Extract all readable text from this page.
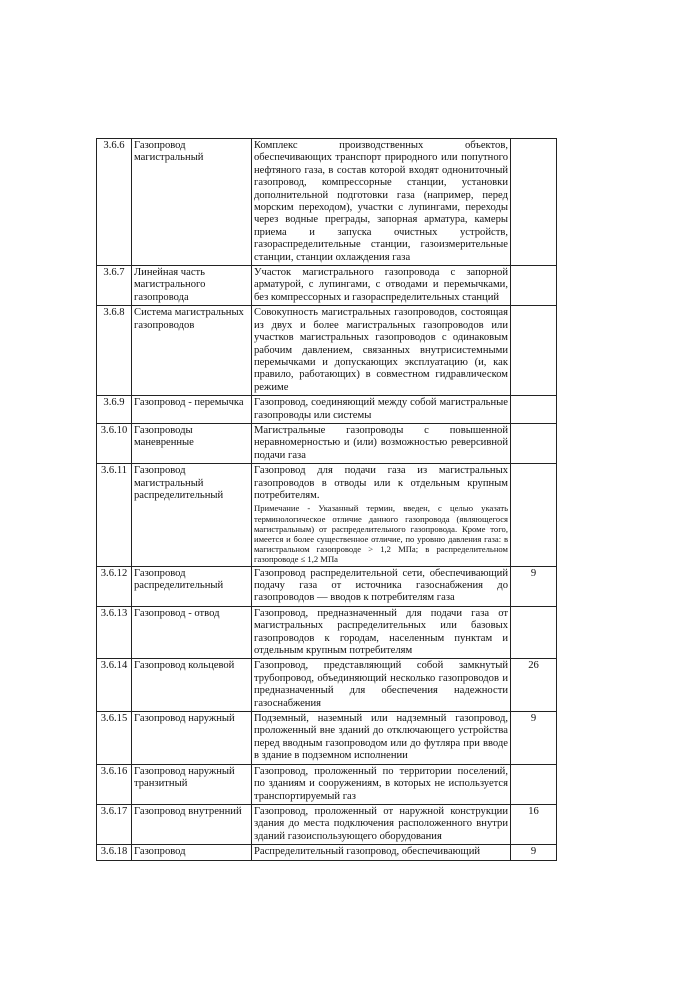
3.6.6	Газопровод магистральный	Комплекс производственных объектов, обеспечивающих транспорт природного или попутного нефтяного газа, в состав которой входят однониточный газопровод, компрессорные станции, установки дополнительной подготовки газа (например, перед морским переходом), участки с лупингами, переходы через водные преграды, запорная арматура, камеры приема и запуска очистных устройств, газораспределительные станции, газоизмерительные станции, станции охлаждения газа	
3.6.7	Линейная часть магистрального газопровода	Участок магистрального газопровода с запорной арматурой, с лупингами, с отводами и перемычками, без компрессорных и газораспределительных станций	
3.6.8	Система магистральных газопроводов	Совокупность магистральных газопроводов, состоящая из двух и более магистральных газопроводов или участков магистральных газопроводов с одинаковым рабочим давлением, связанных внутрисистемными перемычками и допускающих эксплуатацию (и, как правило, работающих) в совместном гидравлическом режиме	
3.6.9	Газопровод - перемычка	Газопровод, соединяющий между собой магистральные газопроводы или системы	
3.6.10	Газопроводы маневренные	Магистральные газопроводы с повышенной неравномерностью и (или) возможностью реверсивной подачи газа	
3.6.11	Газопровод магистральный распределительный	Газопровод для подачи газа из магистральных газопроводов в отводы или к отдельным крупным потребителям.
Примечание - Указанный термин, введен, с целью указать терминологическое отличие данного газопровода (являющегося магистральным) от распределительного газопровода. Кроме того, имеется и более существенное отличие, по уровню давления газа: в магистральном газопроводе > 1,2 МПа; в распределительном газопроводе ≤ 1,2 МПа	

3.6.12	Газопровод распределительный	Газопровод распределительной сети, обеспечивающий подачу газа от источника газоснабжения до газопроводов — вводов к потребителям газа	9
3.6.13	Газопровод - отвод	Газопровод, предназначенный для подачи газа от магистральных распределительных или базовых газопроводов к городам, населенным пунктам и отдельным крупным потребителям	
3.6.14	Газопровод кольцевой	Газопровод, представляющий собой замкнутый трубопровод, объединяющий несколько газопроводов и предназначенный для обеспечения надежности газоснабжения	26
3.6.15	Газопровод наружный	Подземный, наземный или надземный газопровод, проложенный вне зданий до отключающего устройства перед вводным газопроводом или до футляра при вводе в здание в подземном исполнении	9
3.6.16	Газопровод наружный транзитный	Газопровод, проложенный по территории поселений, по зданиям и сооружениям, в которых не используется транспортируемый газ	
3.6.17	Газопровод внутренний	Газопровод, проложенный от наружной конструкции здания до места подключения расположенного внутри зданий газоиспользующего оборудования	16
3.6.18	Газопровод	Распределительный газопровод, обеспечивающий	9
